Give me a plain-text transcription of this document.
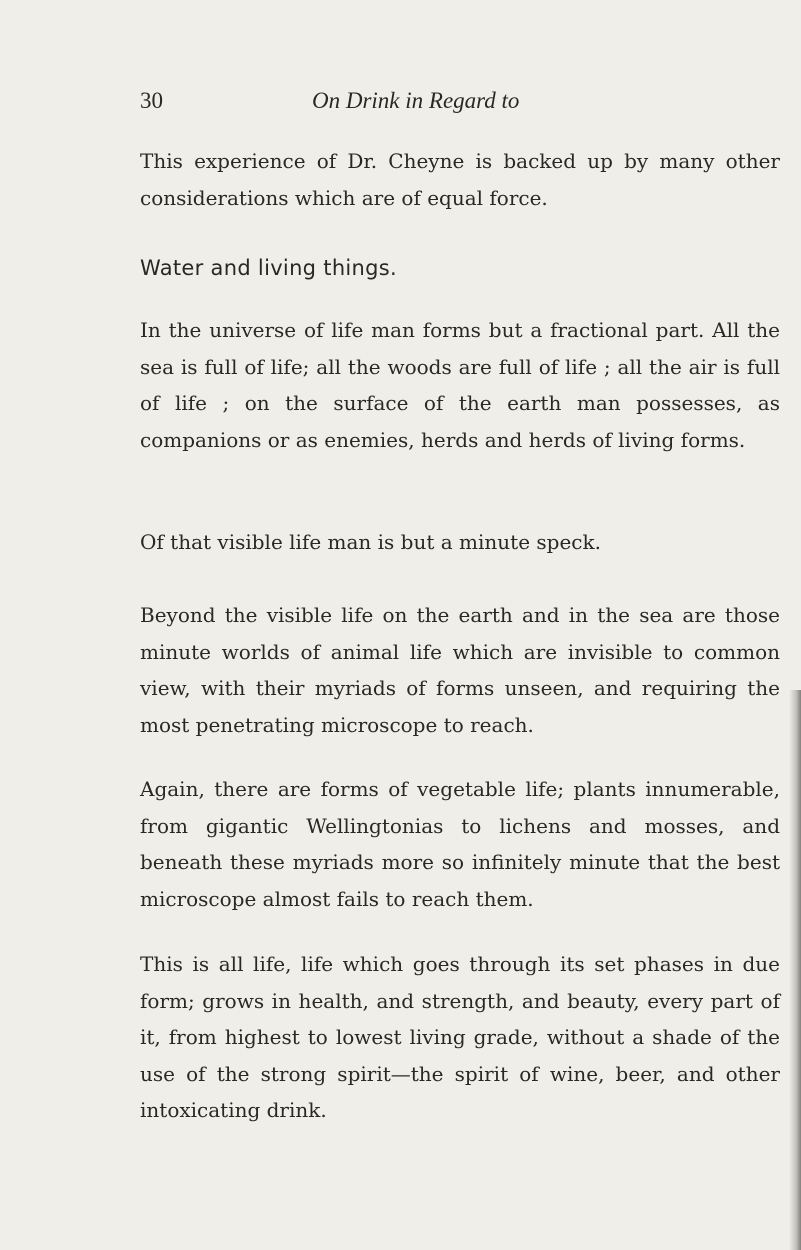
30	On Drink in Regard to

This experience of Dr. Cheyne is backed up by many other considerations which are of equal force.

Water and living things.

In the universe of life man forms but a fractional part. All the sea is full of life; all the woods are full of life ; all the air is full of life ; on the surface of the earth man possesses, as companions or as enemies, herds and herds of living forms.

Of that visible life man is but a minute speck.

Beyond the visible life on the earth and in the sea are those minute worlds of animal life which are invisible to common view, with their myriads of forms unseen, and requiring the most penetrating microscope to reach.

Again, there are forms of vegetable life; plants innumerable, from gigantic Wellingtonias to lichens and mosses, and beneath these myriads more so infinitely minute that the best microscope almost fails to reach them.

This is all life, life which goes through its set phases in due form; grows in health, and strength, and beauty, every part of it, from highest to lowest living grade, without a shade of the use of the strong spirit—the spirit of wine, beer, and other intoxicating drink.
